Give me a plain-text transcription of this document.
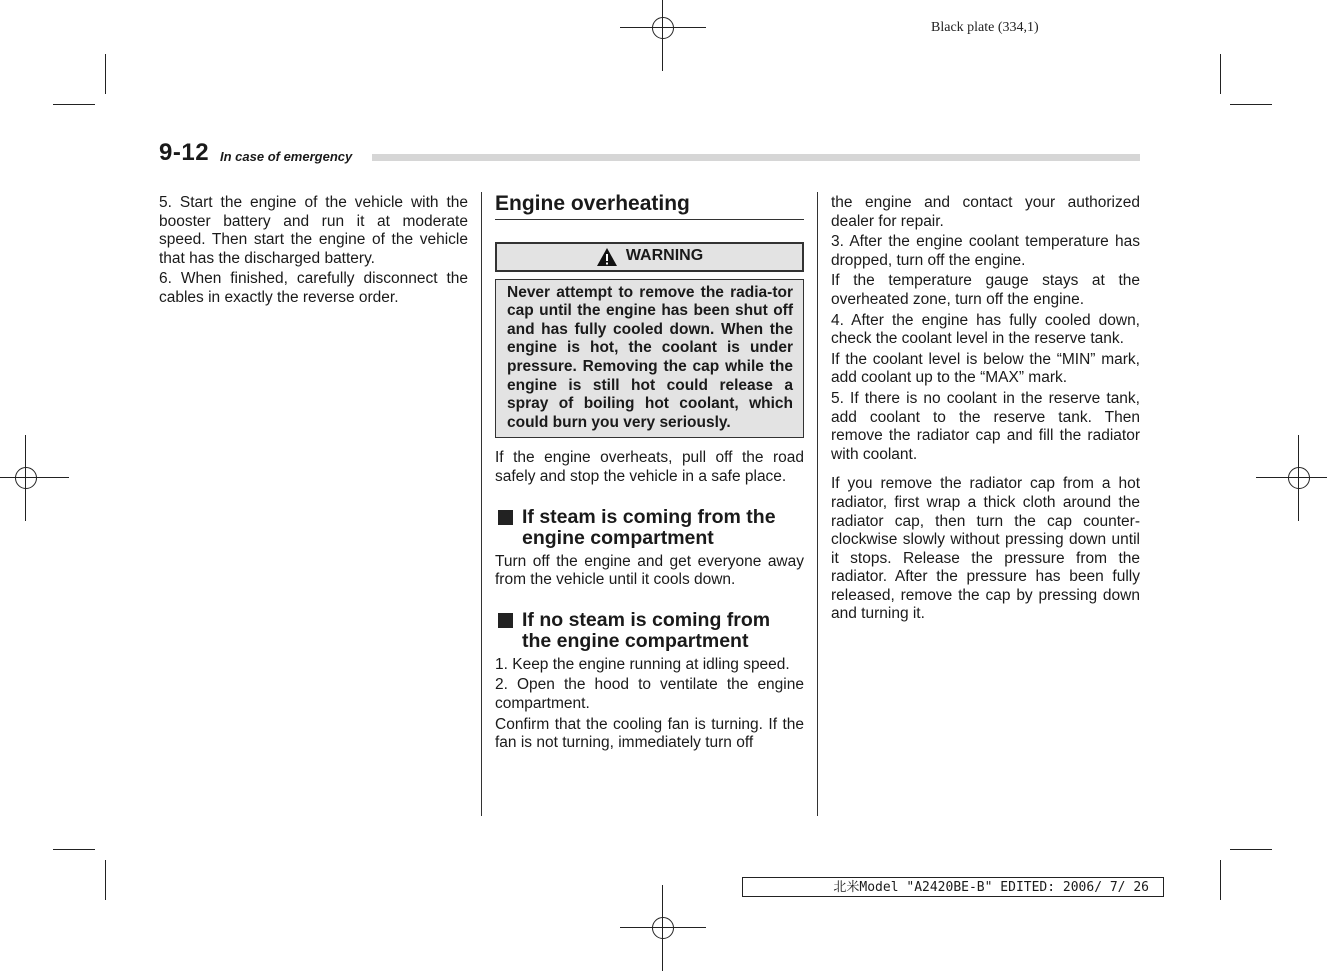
Black plate (334,1)
9-12 In case of emergency

5. Start the engine of the vehicle with the booster battery and run it at moderate speed. Then start the engine of the vehicle that has the discharged battery.

6. When finished, carefully disconnect the cables in exactly the reverse order.

Engine overheating
WARNING
Never attempt to remove the radia-tor cap until the engine has been shut off and has fully cooled down. When the engine is hot, the coolant is under pressure. Removing the cap while the engine is still hot could release a spray of boiling hot coolant, which could burn you very seriously.

If the engine overheats, pull off the road safely and stop the vehicle in a safe place.

If steam is coming from the engine compartment

Turn off the engine and get everyone away from the vehicle until it cools down.

If no steam is coming from the engine compartment

1. Keep the engine running at idling speed.

2. Open the hood to ventilate the engine compartment.

Confirm that the cooling fan is turning. If the fan is not turning, immediately turn off

the engine and contact your authorized dealer for repair.

3. After the engine coolant temperature has dropped, turn off the engine.

If the temperature gauge stays at the overheated zone, turn off the engine.

4. After the engine has fully cooled down, check the coolant level in the reserve tank.

If the coolant level is below the “MIN” mark, add coolant up to the “MAX” mark.

5. If there is no coolant in the reserve tank, add coolant to the reserve tank. Then remove the radiator cap and fill the radiator with coolant.

If you remove the radiator cap from a hot radiator, first wrap a thick cloth around the radiator cap, then turn the cap counter-clockwise slowly without pressing down until it stops. Release the pressure from the radiator. After the pressure has been fully released, remove the cap by pressing down and turning it.

北米Model "A2420BE-B" EDITED: 2006/ 7/ 26
